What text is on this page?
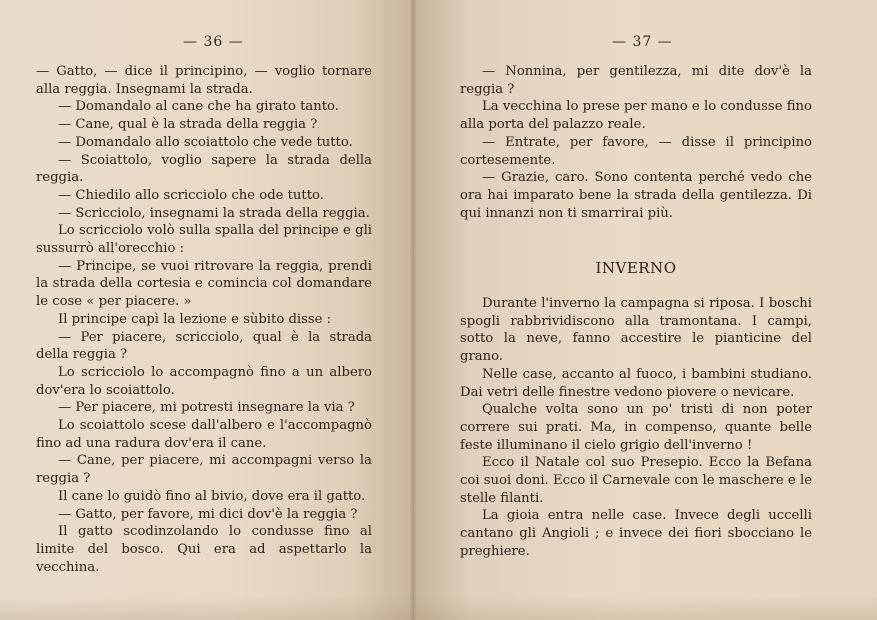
— 36 —

— Gatto, — dice il principino, — voglio tornare alla reggia. Insegnami la strada.

— Domandalo al cane che ha girato tanto.

— Cane, qual è la strada della reggia ?

— Domandalo allo scoiattolo che vede tutto.

— Scoiattolo, voglio sapere la strada della reggia.

— Chiedilo allo scricciolo che ode tutto.

— Scricciolo, insegnami la strada della reggia.

Lo scricciolo volò sulla spalla del principe e gli sussurrò all'orecchio :

— Principe, se vuoi ritrovare la reggia, prendi la strada della cortesia e comincia col domandare le cose « per piacere. »

Il principe capì la lezione e sùbito disse :

— Per piacere, scricciolo, qual è la strada della reggia ?

Lo scricciolo lo accompagnò fino a un albero dov'era lo scoiattolo.

— Per piacere, mi potresti insegnare la via ?

Lo scoiattolo scese dall'albero e l'accompagnò fino ad una radura dov'era il cane.

— Cane, per piacere, mi accompagni verso la reggia ?

Il cane lo guidò fino al bivio, dove era il gatto.

— Gatto, per favore, mi dici dov'è la reggia ?

Il gatto scodinzolando lo condusse fino al limite del bosco. Qui era ad aspettarlo la vecchina.

— 37 —

— Nonnina, per gentilezza, mi dite dov'è la reggia ?

La vecchina lo prese per mano e lo condusse fino alla porta del palazzo reale.

— Entrate, per favore, — disse il principino cortesemente.

— Grazie, caro. Sono contenta perché vedo che ora hai imparato bene la strada della gentilezza. Di qui innanzi non ti smarrirai più.

INVERNO

Durante l'inverno la campagna si riposa. I boschi spogli rabbrividiscono alla tramontana. I campi, sotto la neve, fanno accestire le pianticine del grano.

Nelle case, accanto al fuoco, i bambini studiano. Dai vetri delle finestre vedono piovere o nevicare.

Qualche volta sono un po' tristi di non poter correre sui prati. Ma, in compenso, quante belle feste illuminano il cielo grigio dell'inverno !

Ecco il Natale col suo Presepio. Ecco la Befana coi suoi doni. Ecco il Carnevale con le maschere e le stelle filanti.

La gioia entra nelle case. Invece degli uccelli cantano gli Angioli ; e invece dei fiori sbocciano le preghiere.
